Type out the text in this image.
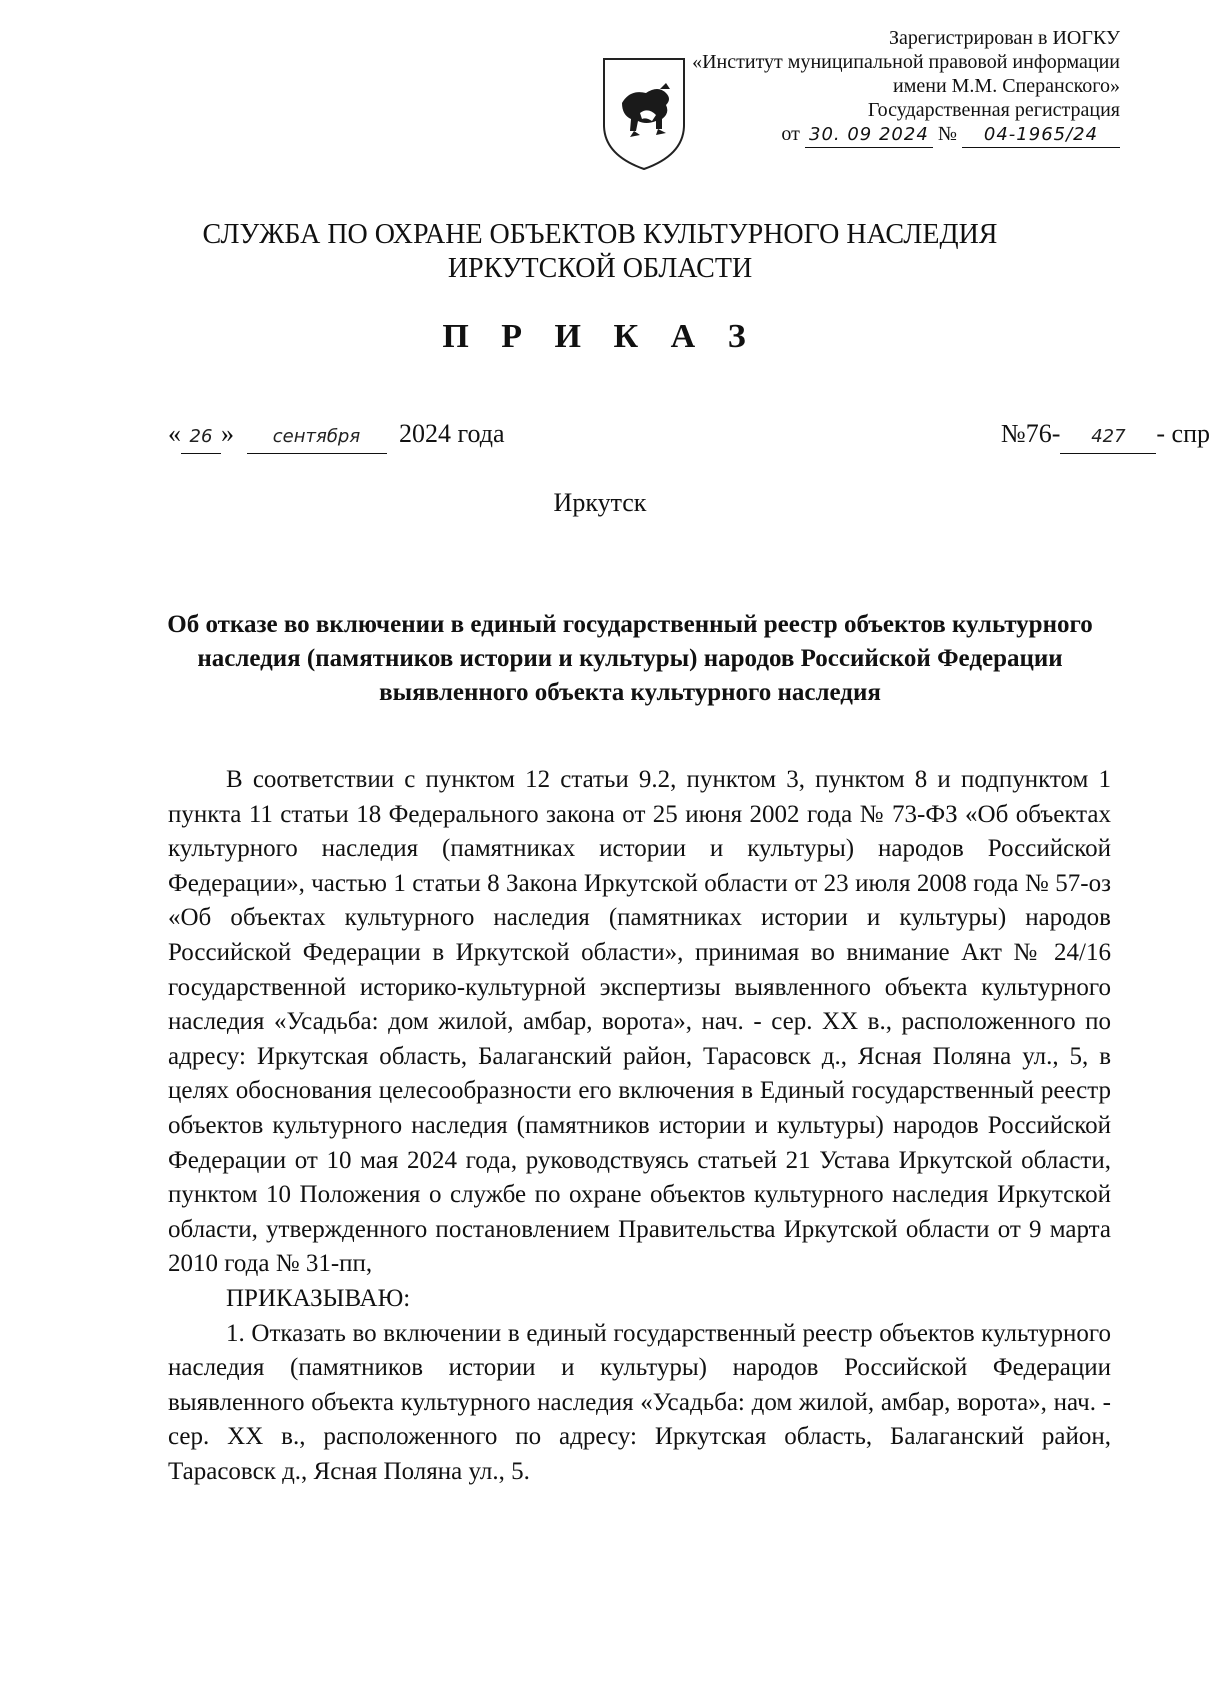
Зарегистрирован в ИОГКУ
«Институт муниципальной правовой информации
имени М.М. Сперанского»
Государственная регистрация
от 30. 09 2024 № 04-1965/24
СЛУЖБА ПО ОХРАНЕ ОБЪЕКТОВ КУЛЬТУРНОГО НАСЛЕДИЯ
ИРКУТСКОЙ ОБЛАСТИ
П Р И К А З
« 26 » сентября 2024 года	№76- 427 - спр
Иркутск
Об отказе во включении в единый государственный реестр объектов культурного наследия (памятников истории и культуры) народов Российской Федерации выявленного объекта культурного наследия

В соответствии с пунктом 12 статьи 9.2, пунктом 3, пунктом 8 и подпунктом 1 пункта 11 статьи 18 Федерального закона от 25 июня 2002 года № 73-ФЗ «Об объектах культурного наследия (памятниках истории и культуры) народов Российской Федерации», частью 1 статьи 8 Закона Иркутской области от 23 июля 2008 года № 57-оз «Об объектах культурного наследия (памятниках истории и культуры) народов Российской Федерации в Иркутской области», принимая во внимание Акт № 24/16 государственной историко-культурной экспертизы выявленного объекта культурного наследия «Усадьба: дом жилой, амбар, ворота», нач. - сер. XX в., расположенного по адресу: Иркутская область, Балаганский район, Тарасовск д., Ясная Поляна ул., 5, в целях обоснования целесообразности его включения в Единый государственный реестр объектов культурного наследия (памятников истории и культуры) народов Российской Федерации от 10 мая 2024 года, руководствуясь статьей 21 Устава Иркутской области, пунктом 10 Положения о службе по охране объектов культурного наследия Иркутской области, утвержденного постановлением Правительства Иркутской области от 9 марта 2010 года № 31-пп,

ПРИКАЗЫВАЮ:

1. Отказать во включении в единый государственный реестр объектов культурного наследия (памятников истории и культуры) народов Российской Федерации выявленного объекта культурного наследия «Усадьба: дом жилой, амбар, ворота», нач. - сер. XX в., расположенного по адресу: Иркутская область, Балаганский район, Тарасовск д., Ясная Поляна ул., 5.
